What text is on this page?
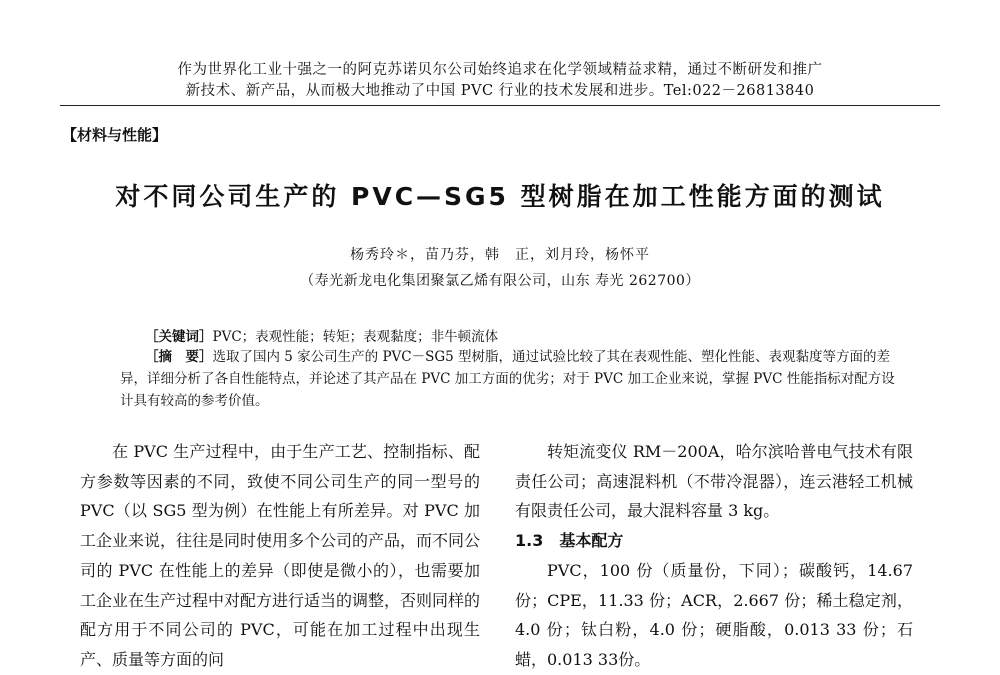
作为世界化工业十强之一的阿克苏诺贝尔公司始终追求在化学领域精益求精，通过不断研发和推广
新技术、新产品，从而极大地推动了中国 PVC 行业的技术发展和进步。Tel:022－26813840
【材料与性能】
对不同公司生产的 PVC—SG5 型树脂在加工性能方面的测试
杨秀玲＊，苗乃芬，韩　正，刘月玲，杨怀平
（寿光新龙电化集团聚氯乙烯有限公司，山东 寿光 262700）
［关键词］PVC；表观性能；转矩；表观黏度；非牛顿流体
［摘　要］选取了国内 5 家公司生产的 PVC－SG5 型树脂，通过试验比较了其在表观性能、塑化性能、表观黏度等方面的差异，详细分析了各自性能特点，并论述了其产品在 PVC 加工方面的优劣；对于 PVC 加工企业来说，掌握 PVC 性能指标对配方设计具有较高的参考价值。
在 PVC 生产过程中，由于生产工艺、控制指标、配方参数等因素的不同，致使不同公司生产的同一型号的 PVC（以 SG5 型为例）在性能上有所差异。对 PVC 加工企业来说，往往是同时使用多个公司的产品，而不同公司的 PVC 在性能上的差异（即使是微小的），也需要加工企业在生产过程中对配方进行适当的调整，否则同样的配方用于不同公司的 PVC，可能在加工过程中出现生产、质量等方面的问
转矩流变仪 RM－200A，哈尔滨哈普电气技术有限责任公司；高速混料机（不带冷混器），连云港轻工机械有限责任公司，最大混料容量 3 kg。
1.3　基本配方
PVC，100 份（质量份，下同）；碳酸钙，14.67 份；CPE，11.33 份；ACR，2.667 份；稀土稳定剂，4.0 份；钛白粉，4.0 份；硬脂酸，0.013 33 份；石蜡，0.013 33份。
